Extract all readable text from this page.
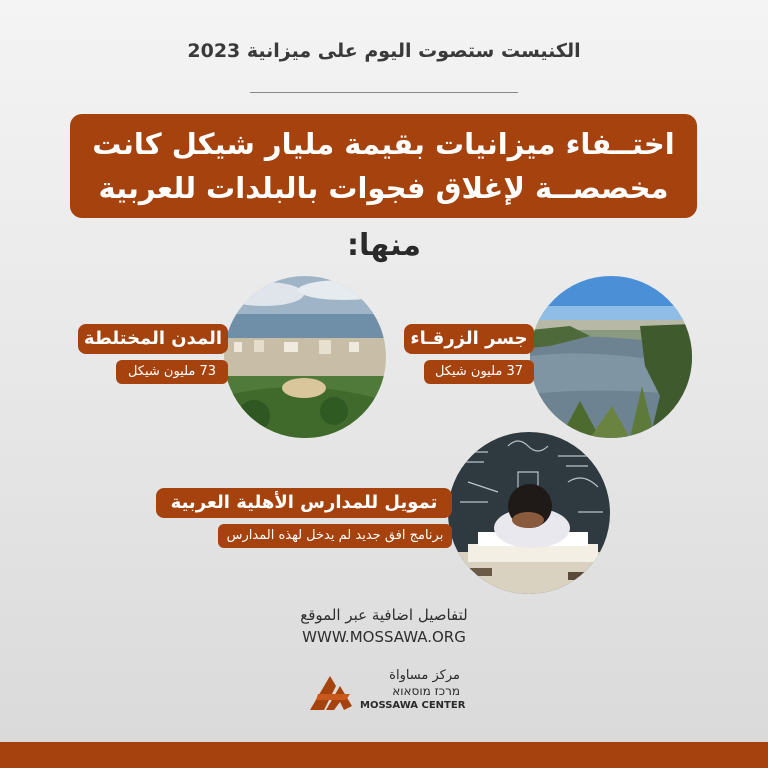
الكنيست ستصوت اليوم على ميزانية 2023
اختــفاء ميزانيات بقيمة مليار شيكل كانت
مخصصــة لإغلاق فجوات بالبلدات للعربية
منها:
جسر الزرقـاء
37 مليون شيكل
المدن المختلطة
73 مليون شيكل
تمويل للمدارس الأهلية العربية
برنامج افق جديد لم يدخل لهذه المدارس
لتفاصيل اضافية عبر الموقع
WWW.MOSSAWA.ORG
مركز مساواة
מרכז מוסאוא
MOSSAWA CENTER
